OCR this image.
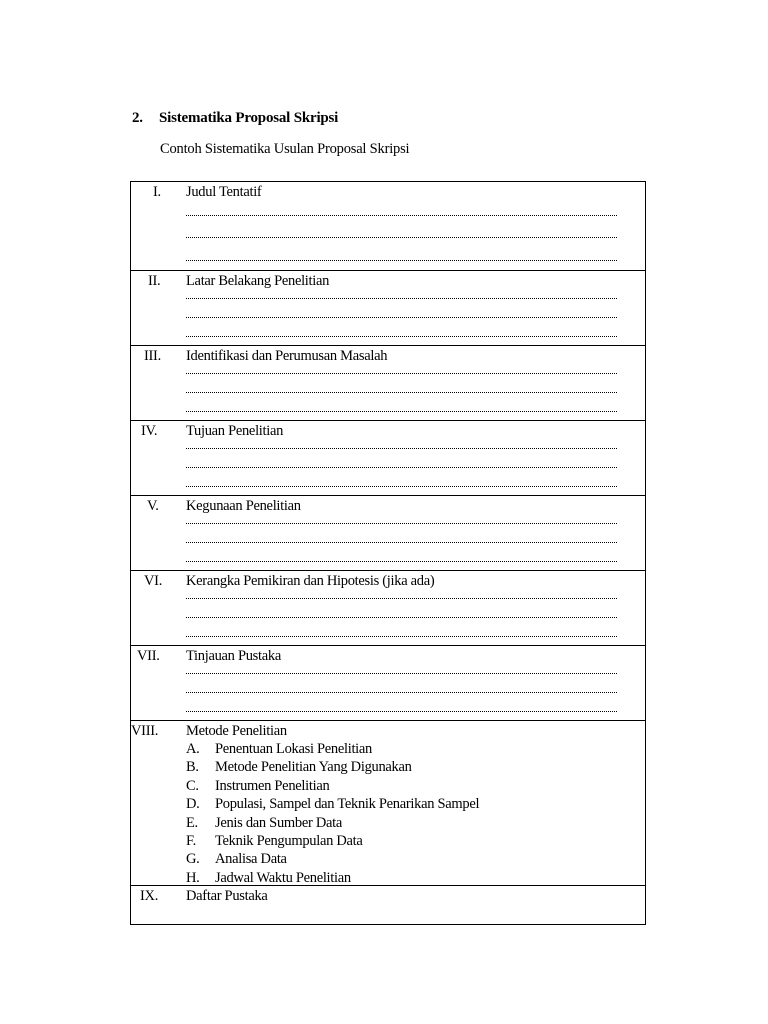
2. Sistematika Proposal Skripsi
Contoh Sistematika Usulan Proposal Skripsi
I. Judul Tentatif
II. Latar Belakang Penelitian
III. Identifikasi dan Perumusan Masalah
IV. Tujuan Penelitian
V. Kegunaan Penelitian
VI. Kerangka Pemikiran dan Hipotesis (jika ada)
VII. Tinjauan Pustaka
VIII. Metode Penelitian
A. Penentuan Lokasi Penelitian
B. Metode Penelitian Yang Digunakan
C. Instrumen Penelitian
D. Populasi, Sampel dan Teknik Penarikan Sampel
E. Jenis dan Sumber Data
F. Teknik Pengumpulan Data
G. Analisa Data
H. Jadwal Waktu Penelitian
IX. Daftar Pustaka
